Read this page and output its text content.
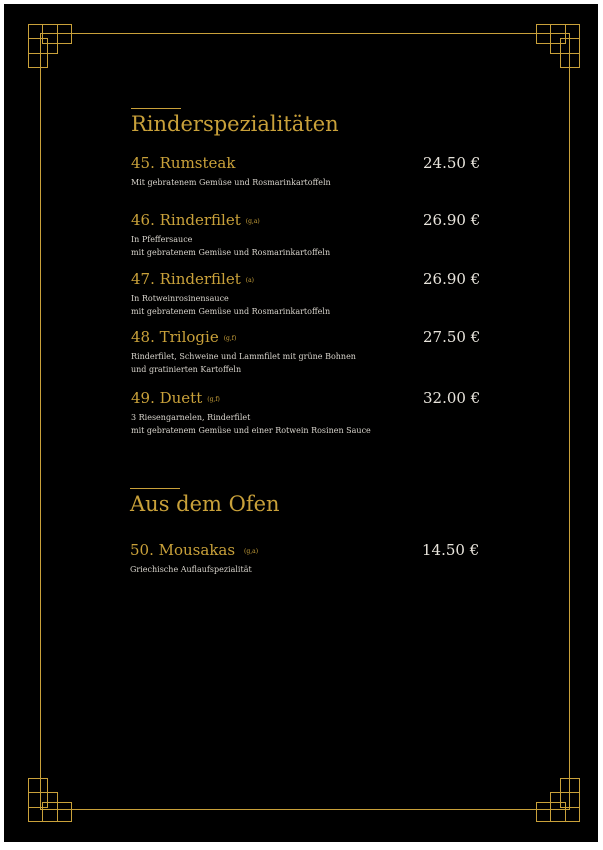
Rinderspezialitäten
45. Rumsteak	24.50 €
Mit gebratenem Gemüse und Rosmarinkartoffeln
46. Rinderfilet (g,a)	26.90 €
In Pfeffersauce
mit gebratenem Gemüse und Rosmarinkartoffeln
47. Rinderfilet (a)	26.90 €
In Rotweinrosinensauce
mit gebratenem Gemüse und Rosmarinkartoffeln
48. Trilogie (g,f)	27.50 €
Rinderfilet, Schweine und Lammfilet mit grüne Bohnen
und gratinierten Kartoffeln
49. Duett (g,f)	32.00 €
3 Riesengarnelen, Rinderfilet
mit gebratenem Gemüse und einer Rotwein Rosinen Sauce
Aus dem Ofen
50. Mousakas (g,a)	14.50 €
Griechische Auflaufspezialität
